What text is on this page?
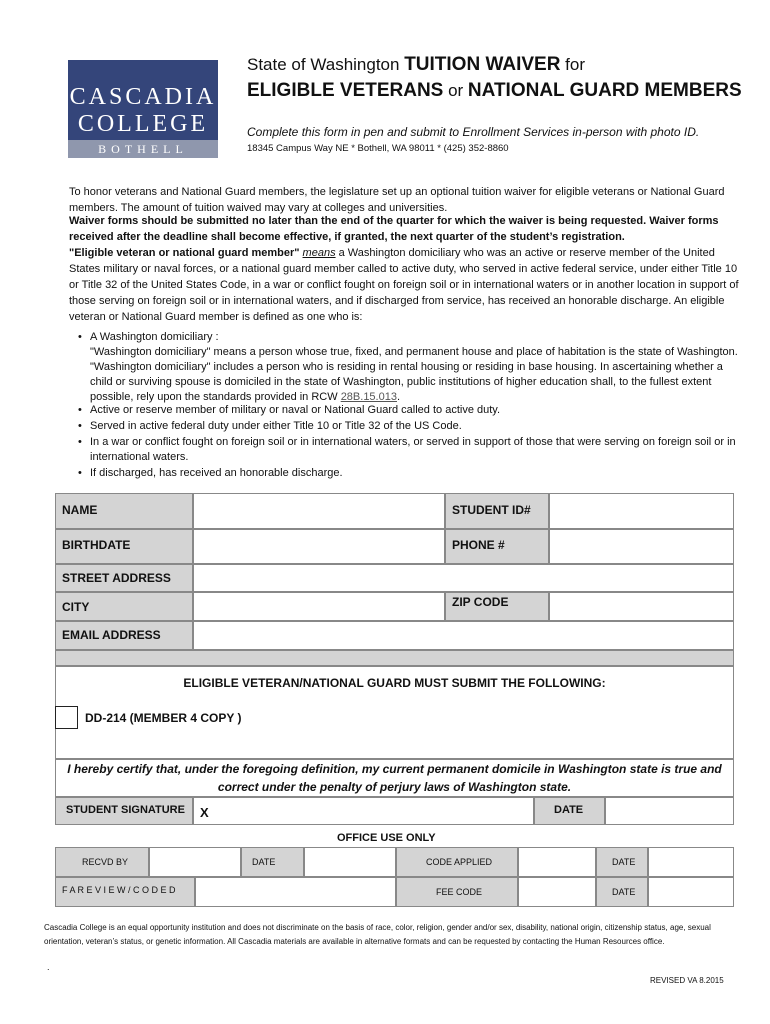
CASCADIA
COLLEGE
BOTHELL
State of Washington TUITION WAIVER for
ELIGIBLE VETERANS or NATIONAL GUARD MEMBERS
Complete this form in pen and submit to Enrollment Services in-person with photo ID.
18345 Campus Way NE * Bothell, WA 98011 * (425) 352-8860
To honor veterans and National Guard members, the legislature set up an optional tuition waiver for eligible veterans or National Guard members. The amount of tuition waived may vary at colleges and universities.
Waiver forms should be submitted no later than the end of the quarter for which the waiver is being requested. Waiver forms received after the deadline shall become effective, if granted, the next quarter of the student’s registration.
"Eligible veteran or national guard member" means a Washington domiciliary who was an active or reserve member of the United States military or naval forces, or a national guard member called to active duty, who served in active federal service, under either Title 10 or Title 32 of the United States Code, in a war or conflict fought on foreign soil or in international waters or in another location in support of those serving on foreign soil or in international waters, and if discharged from service, has received an honorable discharge. An eligible veteran or National Guard member is defined as one who is:
• A Washington domiciliary :
"Washington domiciliary" means a person whose true, fixed, and permanent house and place of habitation is the state of Washington.
"Washington domiciliary" includes a person who is residing in rental housing or residing in base housing. In ascertaining whether a child or surviving spouse is domiciled in the state of Washington, public institutions of higher education shall, to the fullest extent possible, rely upon the standards provided in RCW 28B.15.013.
• Active or reserve member of military or naval or National Guard called to active duty.
• Served in active federal duty under either Title 10 or Title 32 of the US Code.
• In a war or conflict fought on foreign soil or in international waters, or served in support of those that were serving on foreign soil or in international waters.
• If discharged, has received an honorable discharge.
NAME	STUDENT ID#
BIRTHDATE	PHONE #
STREET ADDRESS
CITY	ZIP CODE
EMAIL ADDRESS
ELIGIBLE VETERAN/NATIONAL GUARD MUST SUBMIT THE FOLLOWING:
DD-214 (MEMBER 4 COPY )
I hereby certify that, under the foregoing definition, my current permanent domicile in Washington state is true and correct under the penalty of perjury laws of Washington state.
STUDENT SIGNATURE X	DATE
OFFICE USE ONLY
RECVD BY	DATE	CODE APPLIED	DATE
F A R E V I E W / C O D E D	FEE CODE	DATE
Cascadia College is an equal opportunity institution and does not discriminate on the basis of race, color, religion, gender and/or sex, disability, national origin, citizenship status, age, sexual orientation, veteran’s status, or genetic information. All Cascadia materials are available in alternative formats and can be requested by contacting the Human Resources office.
.
REVISED VA 8.2015
